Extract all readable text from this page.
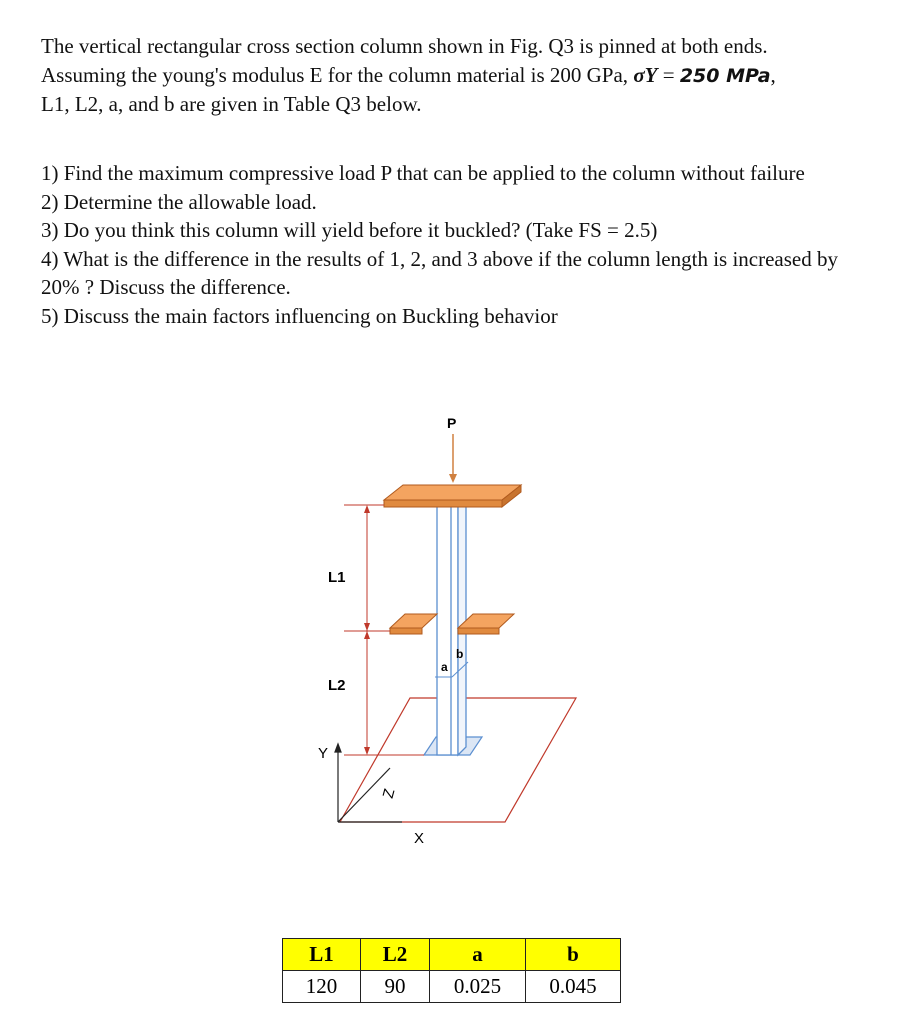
The vertical rectangular cross section column shown in Fig. Q3 is pinned at both ends.
Assuming the young's modulus E for the column material is 200 GPa, σY = 250 MPa,
L1, L2, a, and b are given in Table Q3 below.

1) Find the maximum compressive load P that can be applied to the column without failure

2) Determine the allowable load.

3) Do you think this column will yield before it buckled? (Take FS = 2.5)

4) What is the difference in the results of 1, 2, and 3 above if the column length is increased by 20% ? Discuss the difference.

5) Discuss the main factors influencing on Buckling behavior

Y
Z
X
P
L1
L2
a
b
L1	L2	a	b
120	90	0.025	0.045
